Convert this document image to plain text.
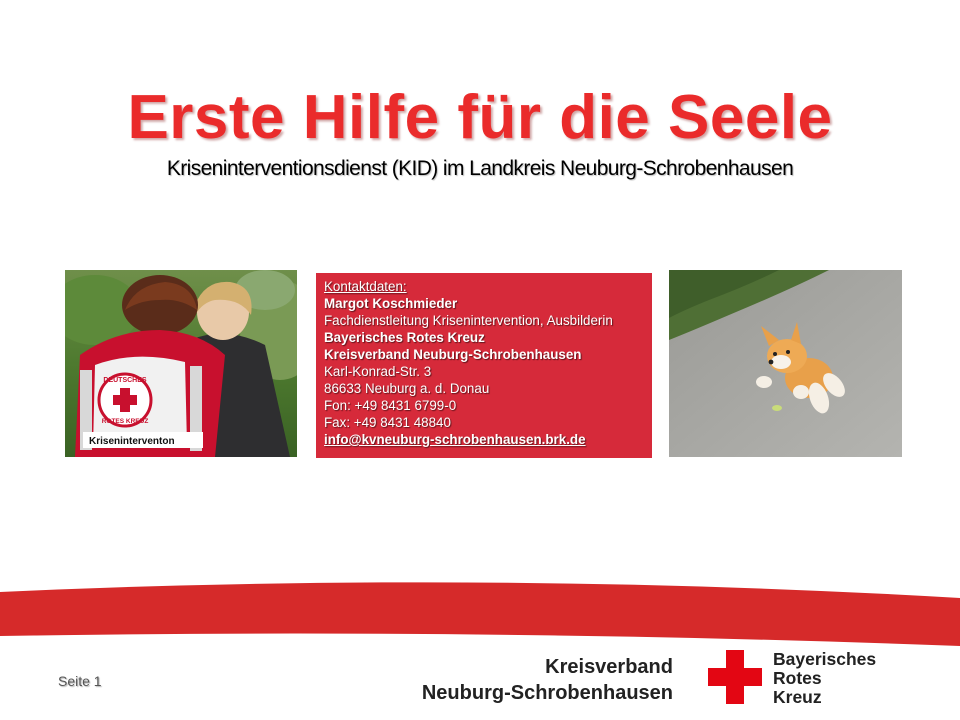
Erste Hilfe für die Seele
Kriseninterventionsdienst (KID) im Landkreis Neuburg-Schrobenhausen
DEUTSCHES
ROTES KREUZ
Kriseninterventon
Kontaktdaten:
Margot Koschmieder
Fachdienstleitung Krisenintervention, Ausbilderin
Bayerisches Rotes Kreuz
Kreisverband Neuburg-Schrobenhausen
Karl-Konrad-Str. 3
86633 Neuburg a. d. Donau
Fon: +49 8431 6799-0
Fax: +49 8431 48840
info@kvneuburg-schrobenhausen.brk.de
Seite 1
Kreisverband
Neuburg-Schrobenhausen
Bayerisches
Rotes
Kreuz
